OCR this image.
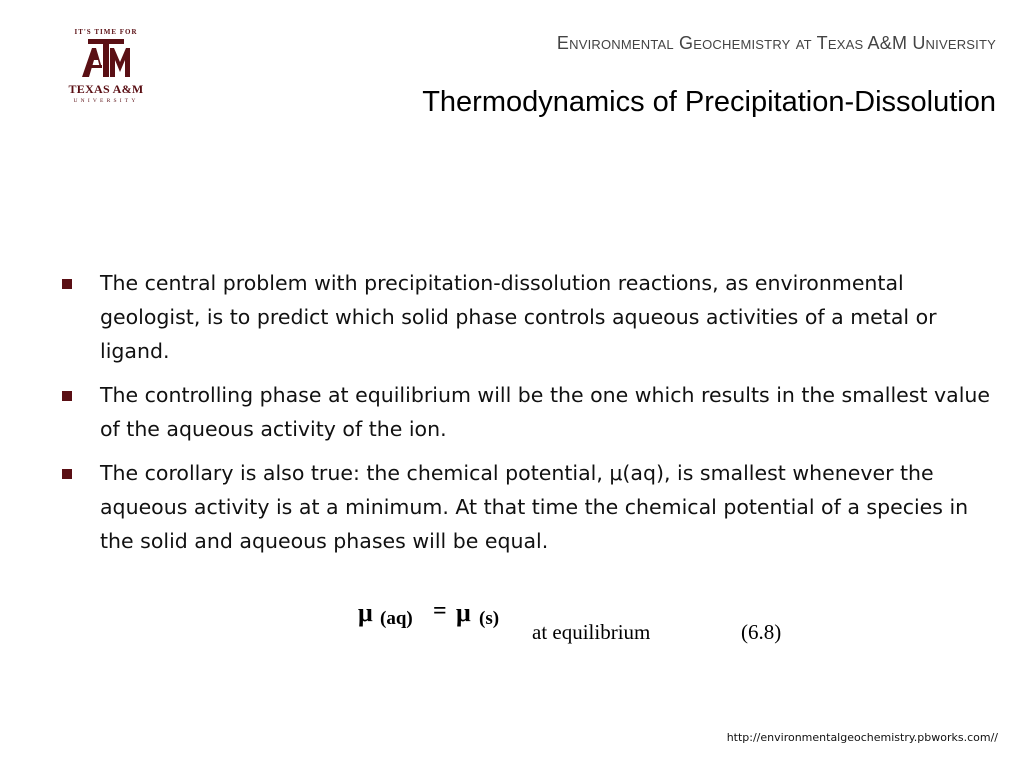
IT'S TIME FOR
TEXAS A&M
UNIVERSITY
Environmental Geochemistry at Texas A&M University
Thermodynamics of Precipitation-Dissolution
The central problem with precipitation-dissolution reactions, as environmental geologist, is to predict which solid phase controls aqueous activities of a metal or ligand.
The controlling phase at equilibrium will be the one which results in the smallest value of the aqueous activity of the ion.
The corollary is also true: the chemical potential, μ(aq), is smallest whenever the aqueous activity is at a minimum. At that time the chemical potential of a species in the solid and aqueous phases will be equal.
μ (aq) = μ (s)
at equilibrium	(6.8)
http://environmentalgeochemistry.pbworks.com//
